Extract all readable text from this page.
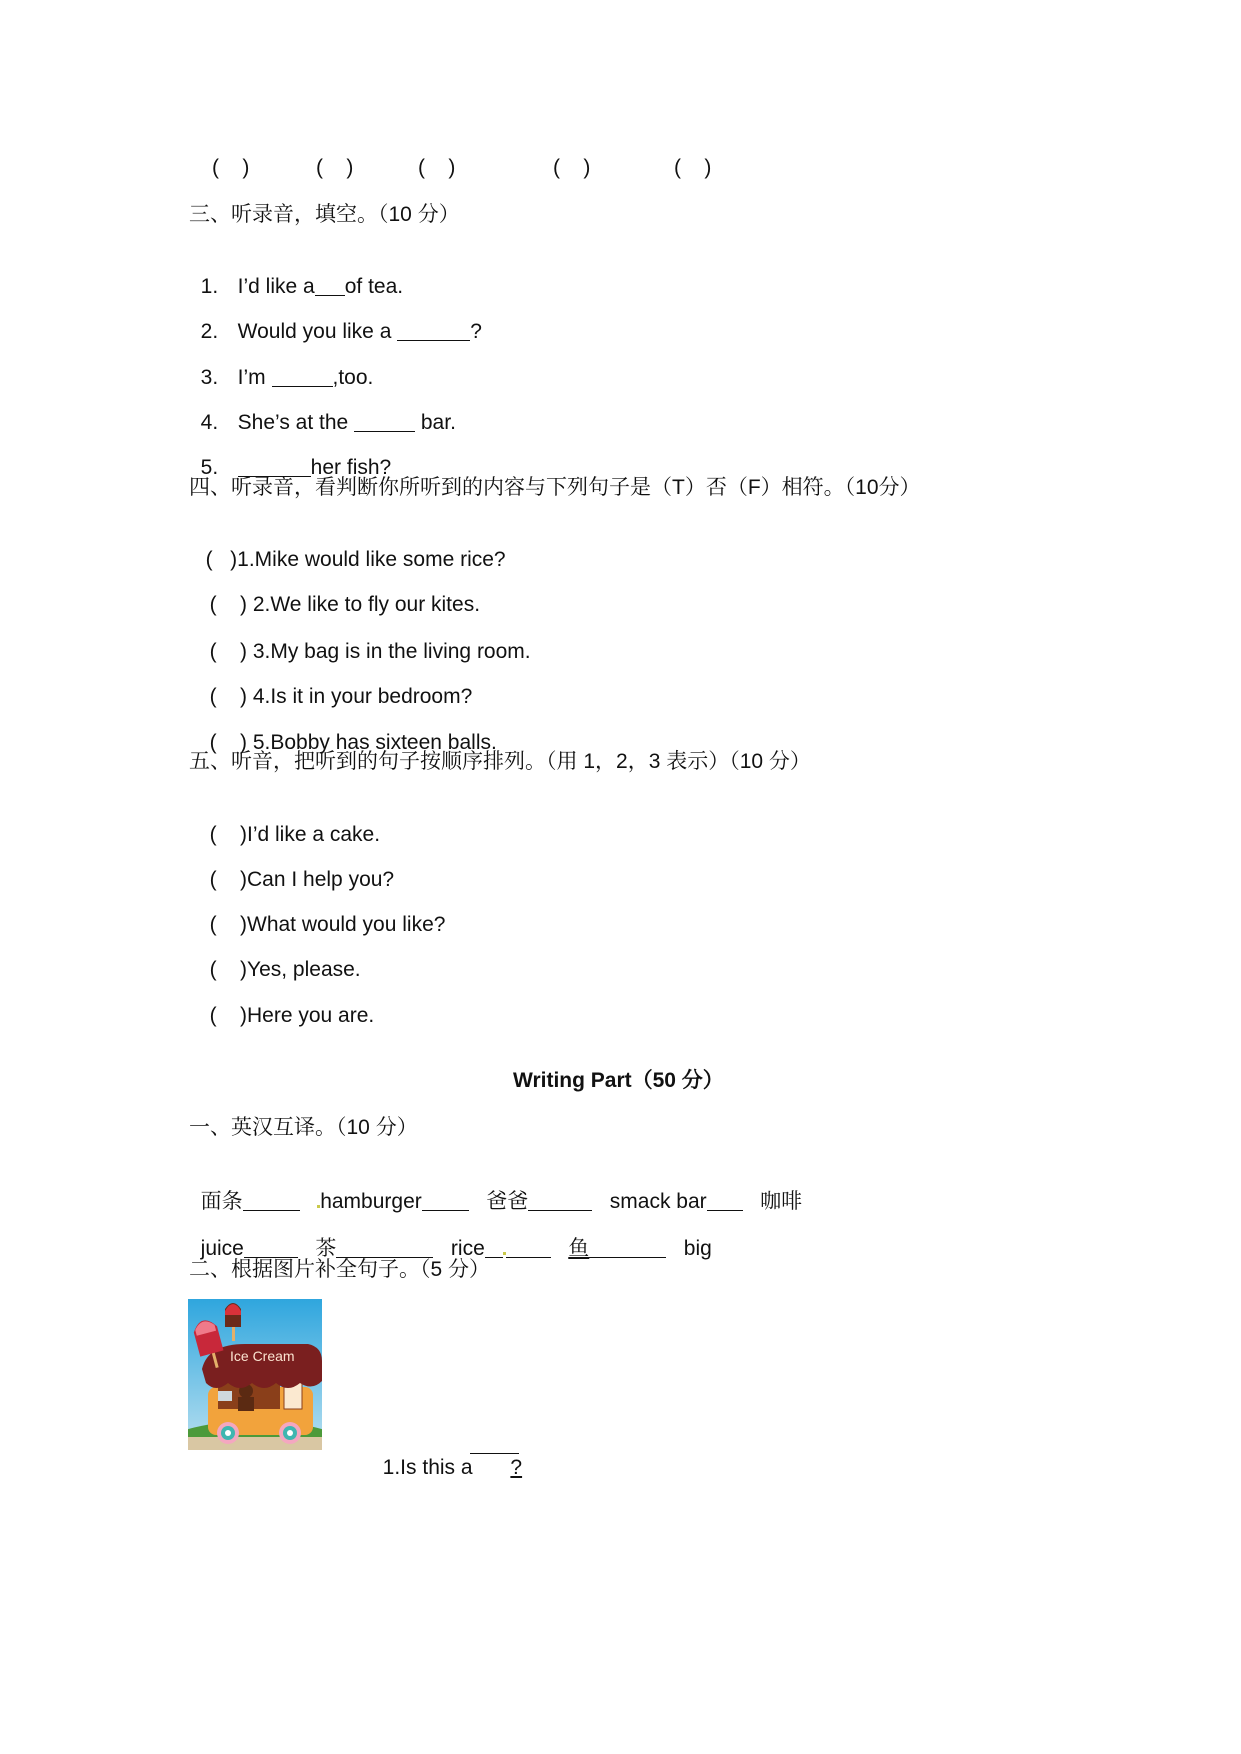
(    )

	(    )

	(    )

	(    )

	(    )

三、听录音，填空。（10 分）

1. I’d like a of tea.

2. Would you like a	?

3. I’m	,too.

4. She’s at the	bar.

5.	her fish?

四、听录音，看判断你所听到的内容与下列句子是（T）否（F）相符。（10分）

(   )1.Mike would like some rice?

(    ) 2.We like to fly our kites.

(    ) 3.My bag is in the living room.

(    ) 4.Is it in your bedroom?

(    ) 5.Bobby has sixteen balls.

五、听音，把听到的句子按顺序排列。（用 1，2，3 表示）（10 分）

(    )I’d like a cake.

(    )Can I help you?

(    )What would you like?

(    )Yes, please.

(    )Here you are.

Writing Part（50 分）
一、英汉互译。（10 分）

面条	hamburger	爸爸	smack bar	咖啡

juice	茶	rice	鱼	big

二、根据图片补全句子。（5 分）
Ice Cream

1.Is this a ?
